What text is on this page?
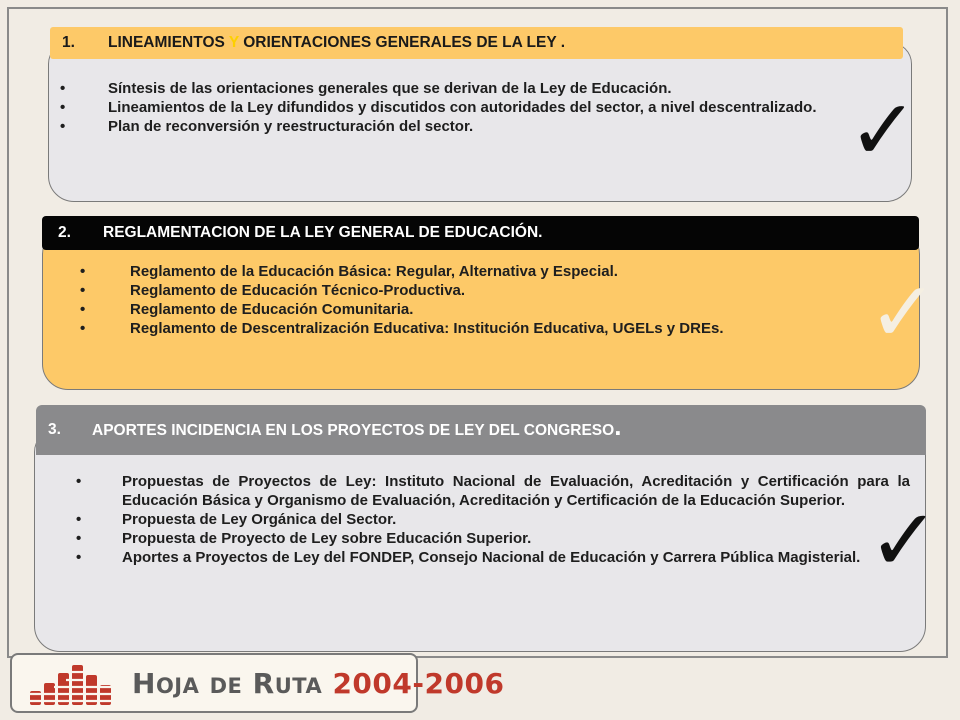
1.	LINEAMIENTOS Y ORIENTACIONES GENERALES DE LA LEY .
•	Síntesis de las orientaciones generales que se derivan de la Ley de Educación.
•	Lineamientos de la Ley difundidos y discutidos con autoridades del sector, a nivel descentralizado.
•	Plan de reconversión y reestructuración del sector.	✓
2.	REGLAMENTACION DE LA LEY GENERAL DE EDUCACIÓN.
•	Reglamento de la Educación Básica: Regular, Alternativa y Especial.
•	Reglamento de Educación Técnico-Productiva.
•	Reglamento de Educación Comunitaria.
•	Reglamento de Descentralización Educativa: Institución Educativa, UGELs y DREs.	✓
3.	APORTES INCIDENCIA EN LOS PROYECTOS DE LEY DEL CONGRESO.
•	Propuestas de Proyectos de Ley: Instituto Nacional de Evaluación, Acreditación y Certificación para la Educación Básica y Organismo de Evaluación, Acreditación y Certificación de la Educación Superior.
•	Propuesta de Ley Orgánica del Sector.
•	Propuesta de Proyecto de Ley sobre Educación Superior.
•	Aportes a Proyectos de Ley del FONDEP, Consejo Nacional de Educación y Carrera Pública Magisterial. ✓
HOJA DE RUTA 2004-2006
